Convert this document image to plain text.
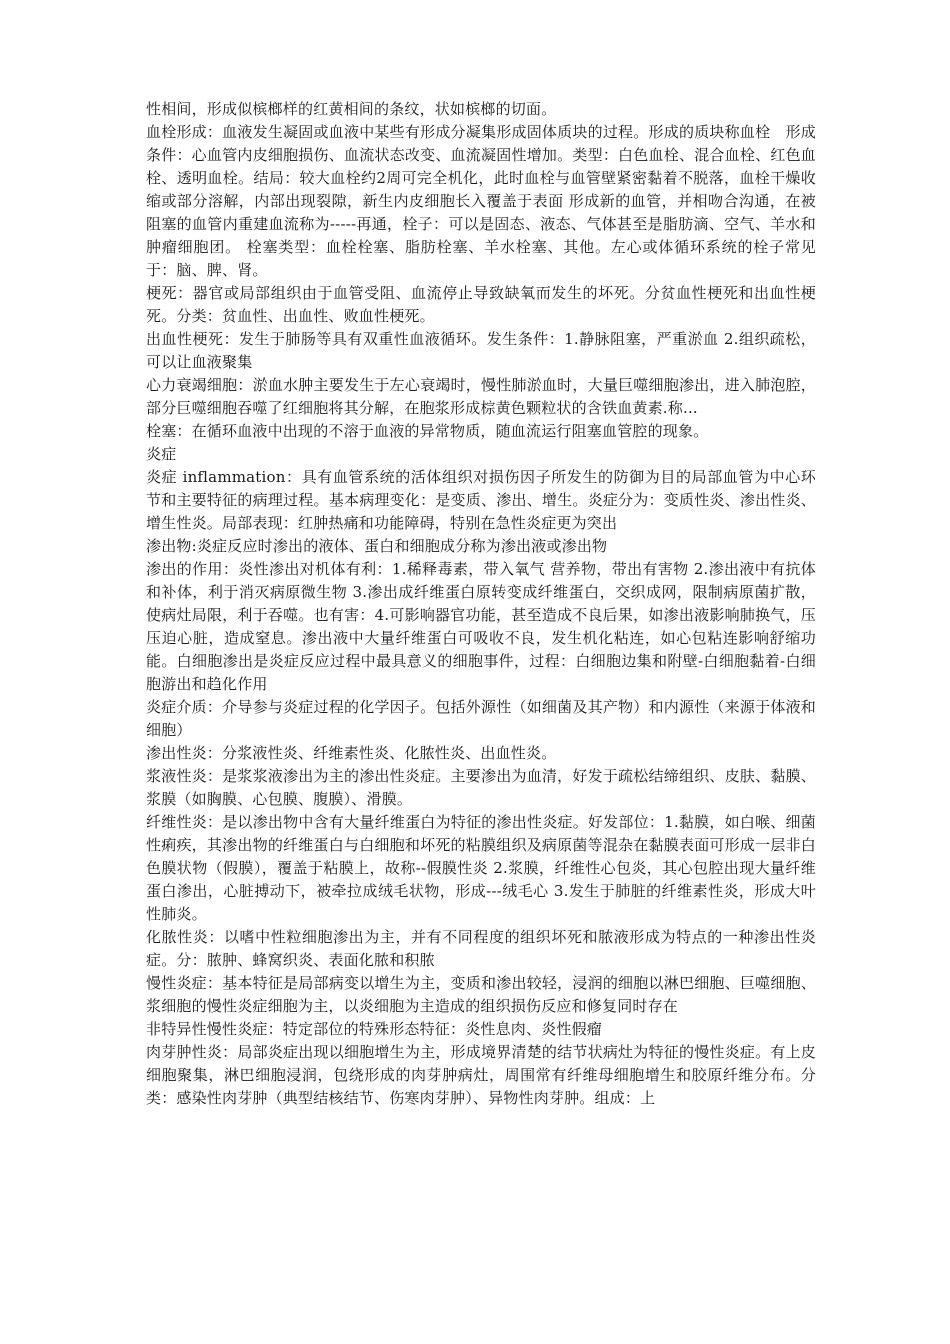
性相间，形成似槟榔样的红黄相间的条纹，状如槟榔的切面。

血栓形成：血液发生凝固或血液中某些有形成分凝集形成固体质块的过程。形成的质块称血栓　形成条件：心血管内皮细胞损伤、血流状态改变、血流凝固性增加。类型：白色血栓、混合血栓、红色血栓、透明血栓。结局：较大血栓约2周可完全机化，此时血栓与血管壁紧密黏着不脱落，血栓干燥收缩或部分溶解，内部出现裂隙，新生内皮细胞长入覆盖于表面 形成新的血管，并相吻合沟通，在被阻塞的血管内重建血流称为-----再通，栓子：可以是固态、液态、气体甚至是脂肪滴、空气、羊水和肿瘤细胞团。 栓塞类型：血栓栓塞、脂肪栓塞、羊水栓塞、其他。左心或体循环系统的栓子常见于：脑、脾、肾。

梗死：器官或局部组织由于血管受阻、血流停止导致缺氧而发生的坏死。分贫血性梗死和出血性梗死。分类：贫血性、出血性、败血性梗死。

出血性梗死：发生于肺肠等具有双重性血液循环。发生条件：1.静脉阻塞，严重淤血 2.组织疏松，可以让血液聚集

心力衰竭细胞：淤血水肿主要发生于左心衰竭时，慢性肺淤血时，大量巨噬细胞渗出，进入肺泡腔，部分巨噬细胞吞噬了红细胞将其分解，在胞浆形成棕黄色颗粒状的含铁血黄素.称...

栓塞：在循环血液中出现的不溶于血液的异常物质，随血流运行阻塞血管腔的现象。

炎症

炎症 inflammation：具有血管系统的活体组织对损伤因子所发生的防御为目的局部血管为中心环节和主要特征的病理过程。基本病理变化：是变质、渗出、增生。炎症分为：变质性炎、渗出性炎、增生性炎。局部表现：红肿热痛和功能障碍，特别在急性炎症更为突出

渗出物:炎症反应时渗出的液体、蛋白和细胞成分称为渗出液或渗出物

渗出的作用：炎性渗出对机体有利：1.稀释毒素，带入氧气 营养物，带出有害物 2.渗出液中有抗体和补体，利于消灭病原微生物 3.渗出成纤维蛋白原转变成纤维蛋白，交织成网，限制病原菌扩散，使病灶局限，利于吞噬。也有害：4.可影响器官功能，甚至造成不良后果，如渗出液影响肺换气，压压迫心脏，造成窒息。渗出液中大量纤维蛋白可吸收不良，发生机化粘连，如心包粘连影响舒缩功能。白细胞渗出是炎症反应过程中最具意义的细胞事件，过程：白细胞边集和附壁-白细胞黏着-白细胞游出和趋化作用

炎症介质：介导参与炎症过程的化学因子。包括外源性（如细菌及其产物）和内源性（来源于体液和细胞）

渗出性炎：分浆液性炎、纤维素性炎、化脓性炎、出血性炎。

浆液性炎：是浆浆液渗出为主的渗出性炎症。主要渗出为血清，好发于疏松结缔组织、皮肤、黏膜、浆膜（如胸膜、心包膜、腹膜）、滑膜。

纤维性炎：是以渗出物中含有大量纤维蛋白为特征的渗出性炎症。好发部位：1.黏膜，如白喉、细菌性痢疾，其渗出物的纤维蛋白与白细胞和坏死的粘膜组织及病原菌等混杂在黏膜表面可形成一层非白色膜状物（假膜），覆盖于粘膜上，故称--假膜性炎 2.浆膜，纤维性心包炎，其心包腔出现大量纤维蛋白渗出，心脏搏动下，被牵拉成绒毛状物，形成---绒毛心 3.发生于肺脏的纤维素性炎，形成大叶性肺炎。

化脓性炎：以嗜中性粒细胞渗出为主，并有不同程度的组织坏死和脓液形成为特点的一种渗出性炎症。分：脓肿、蜂窝织炎、表面化脓和积脓

慢性炎症：基本特征是局部病变以增生为主，变质和渗出较轻，浸润的细胞以淋巴细胞、巨噬细胞、浆细胞的慢性炎症细胞为主，以炎细胞为主造成的组织损伤反应和修复同时存在

非特异性慢性炎症：特定部位的特殊形态特征：炎性息肉、炎性假瘤

肉芽肿性炎：局部炎症出现以细胞增生为主，形成境界清楚的结节状病灶为特征的慢性炎症。有上皮细胞聚集，淋巴细胞浸润，包绕形成的肉芽肿病灶，周围常有纤维母细胞增生和胶原纤维分布。分类：感染性肉芽肿（典型结核结节、伤寒肉芽肿）、异物性肉芽肿。组成：上
